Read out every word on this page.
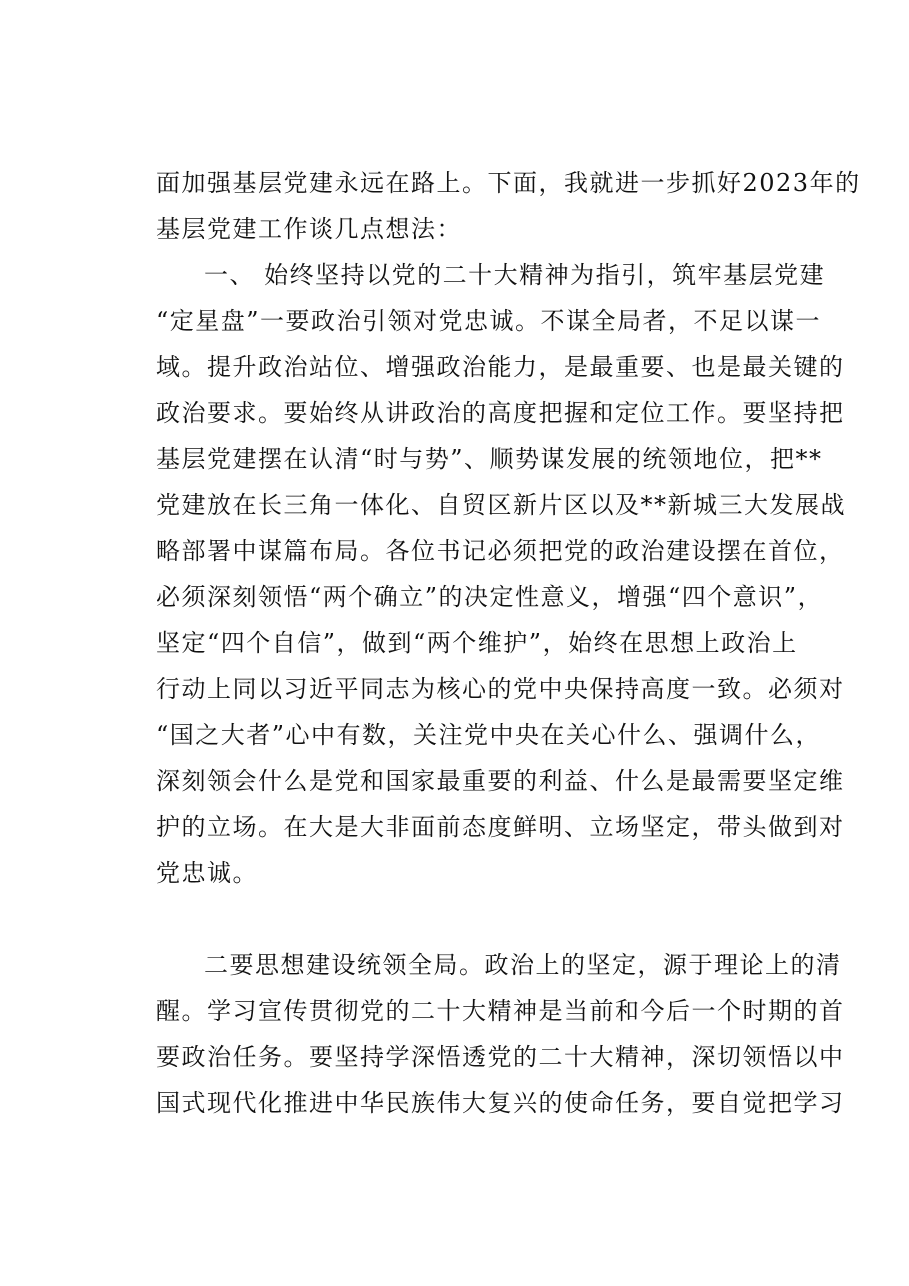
面加强基层党建永远在路上。下面，我就进一步抓好2023年的
基层党建工作谈几点想法：
一、 始终坚持以党的二十大精神为指引，筑牢基层党建
“定星盘”一要政治引领对党忠诚。不谋全局者，不足以谋一
域。提升政治站位、增强政治能力，是最重要、也是最关键的
政治要求。要始终从讲政治的高度把握和定位工作。要坚持把
基层党建摆在认清“时与势”、顺势谋发展的统领地位，把**
党建放在长三角一体化、自贸区新片区以及**新城三大发展战
略部署中谋篇布局。各位书记必须把党的政治建设摆在首位，
必须深刻领悟“两个确立”的决定性意义，增强“四个意识”，
坚定“四个自信”，做到“两个维护”，始终在思想上政治上
行动上同以习近平同志为核心的党中央保持高度一致。必须对
“国之大者”心中有数，关注党中央在关心什么、强调什么，
深刻领会什么是党和国家最重要的利益、什么是最需要坚定维
护的立场。在大是大非面前态度鲜明、立场坚定，带头做到对
党忠诚。
二要思想建设统领全局。政治上的坚定，源于理论上的清
醒。学习宣传贯彻党的二十大精神是当前和今后一个时期的首
要政治任务。要坚持学深悟透党的二十大精神，深切领悟以中
国式现代化推进中华民族伟大复兴的使命任务，要自觉把学习
